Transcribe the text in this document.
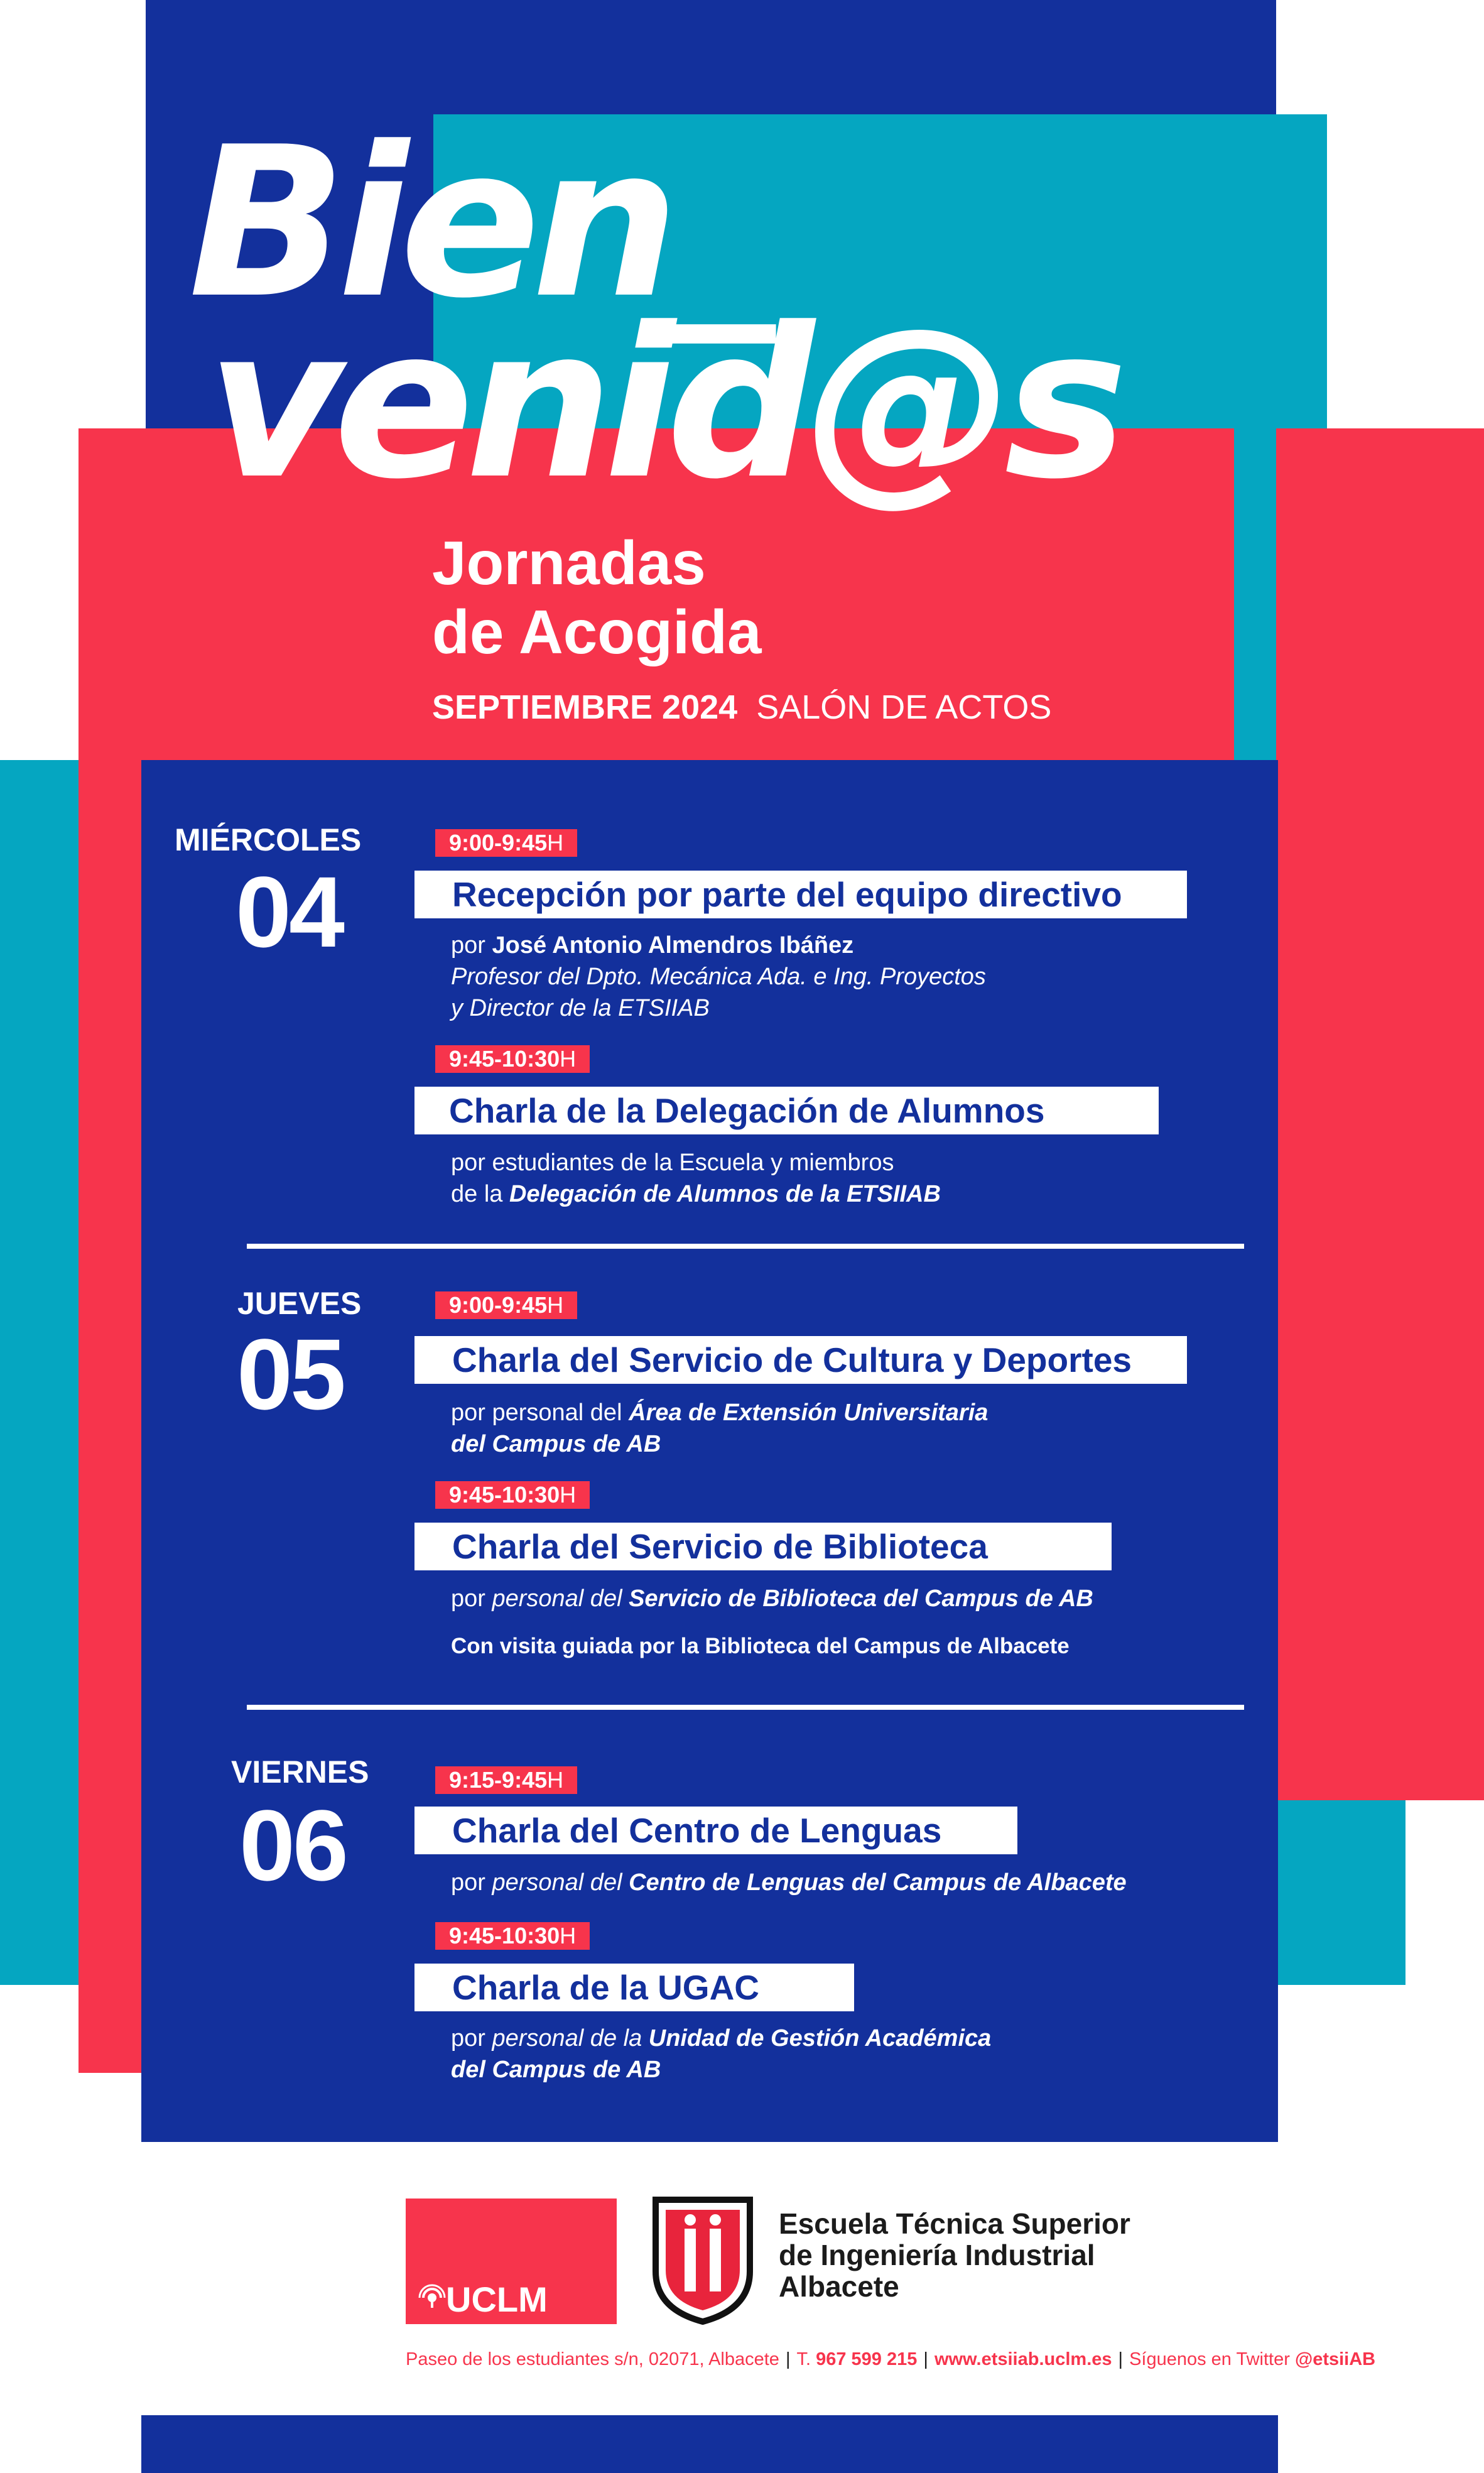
Bien_
venid@s
Jornadas
de Acogida
SEPTIEMBRE 2024 SALÓN DE ACTOS
MIÉRCOLES
04
9:00-9:45H
Recepción por parte del equipo directivo
por José Antonio Almendros Ibáñez
Profesor del Dpto. Mecánica Ada. e Ing. Proyectos
y Director de la ETSIIAB
9:45-10:30H
Charla de la Delegación de Alumnos
por estudiantes de la Escuela y miembros
de la Delegación de Alumnos de la ETSIIAB
JUEVES
05
9:00-9:45H
Charla del Servicio de Cultura y Deportes
por personal del Área de Extensión Universitaria
del Campus de AB
9:45-10:30H
Charla del Servicio de Biblioteca
por personal del Servicio de Biblioteca del Campus de AB
Con visita guiada por la Biblioteca del Campus de Albacete
VIERNES
06
9:15-9:45H
Charla del Centro de Lenguas
por personal del Centro de Lenguas del Campus de Albacete
9:45-10:30H
Charla de la UGAC
por personal de la Unidad de Gestión Académica
del Campus de AB
UCLM
Escuela Técnica Superior
de Ingeniería Industrial
Albacete
Paseo de los estudiantes s/n, 02071, Albacete | T. 967 599 215 | www.etsiiab.uclm.es | Síguenos en Twitter @etsiiAB
